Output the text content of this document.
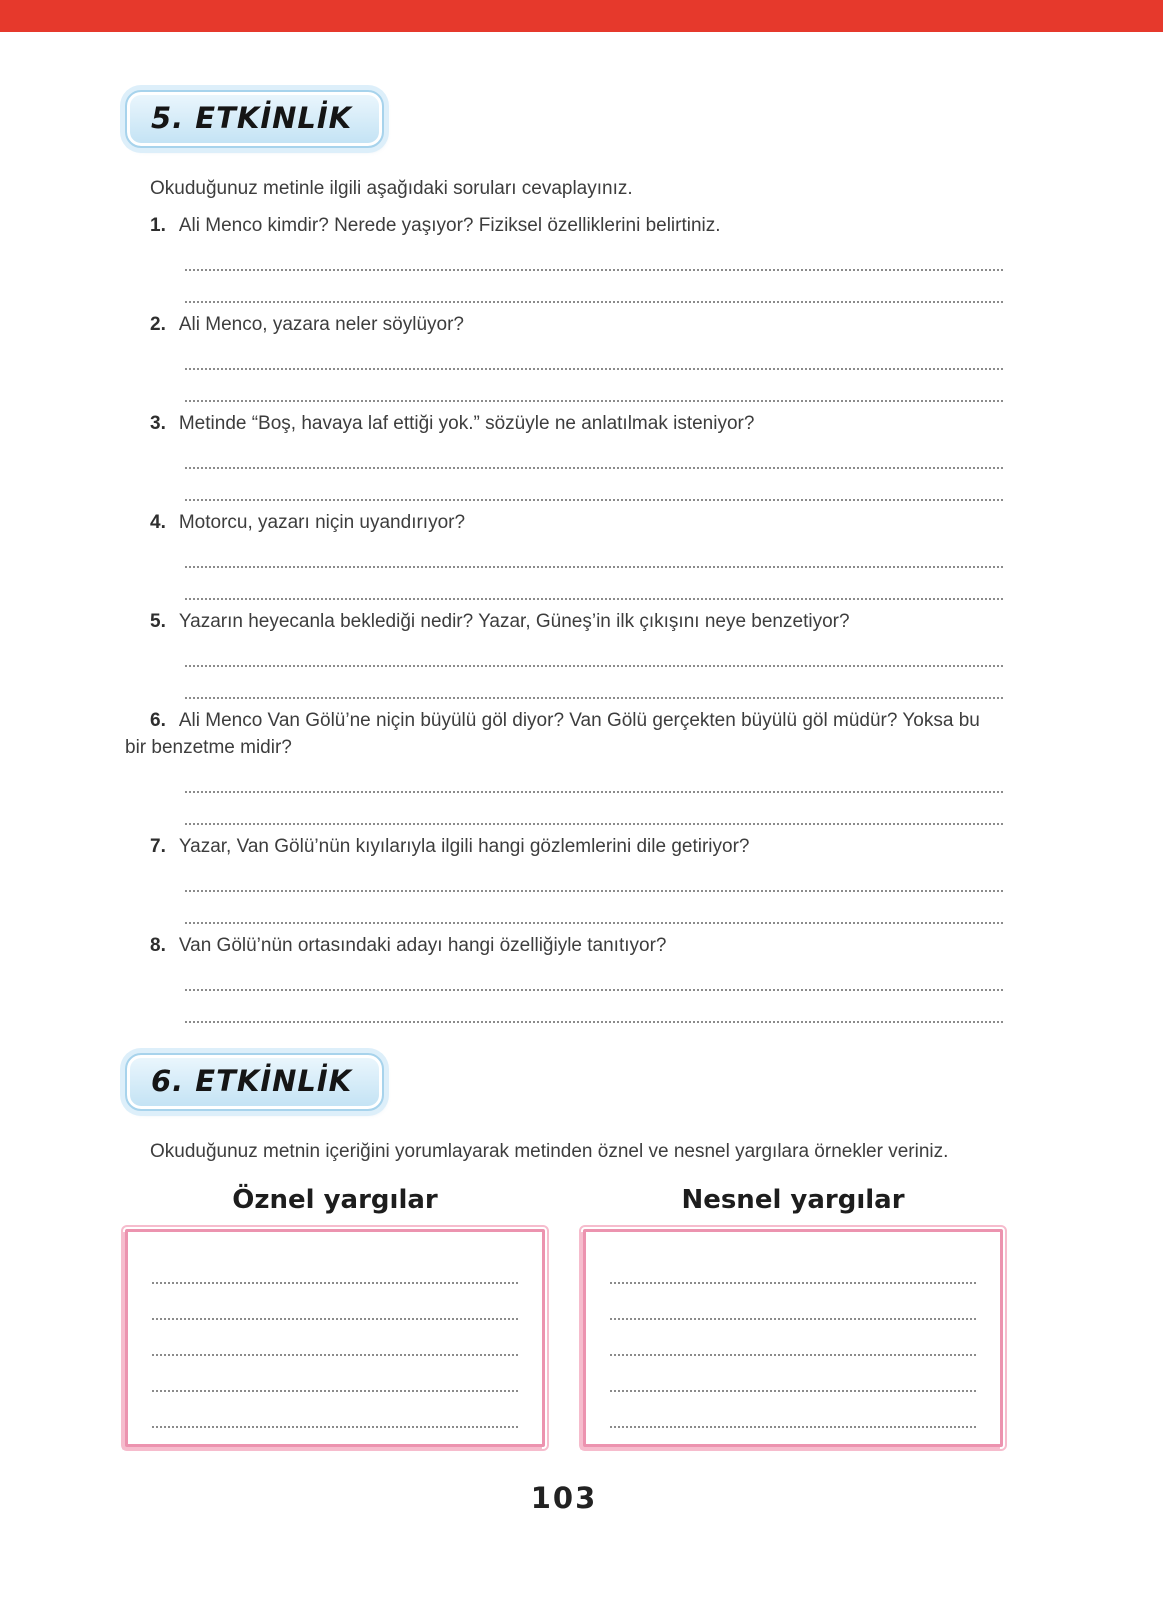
5. ETKİNLİK

Okuduğunuz metinle ilgili aşağıdaki soruları cevaplayınız.

1. Ali Menco kimdir? Nerede yaşıyor? Fiziksel özelliklerini belirtiniz.

2. Ali Menco, yazara neler söylüyor?

3. Metinde “Boş, havaya laf ettiği yok.” sözüyle ne anlatılmak isteniyor?

4. Motorcu, yazarı niçin uyandırıyor?

5. Yazarın heyecanla beklediği nedir? Yazar, Güneş’in ilk çıkışını neye benzetiyor?

6. Ali Menco Van Gölü’ne niçin büyülü göl diyor? Van Gölü gerçekten büyülü göl müdür? Yoksa bu bir benzetme midir?

7. Yazar, Van Gölü’nün kıyılarıyla ilgili hangi gözlemlerini dile getiriyor?

8. Van Gölü’nün ortasındaki adayı hangi özelliğiyle tanıtıyor?

6. ETKİNLİK

Okuduğunuz metnin içeriğini yorumlayarak metinden öznel ve nesnel yargılara örnekler veriniz.

Öznel yargılar	Nesnel yargılar
103
